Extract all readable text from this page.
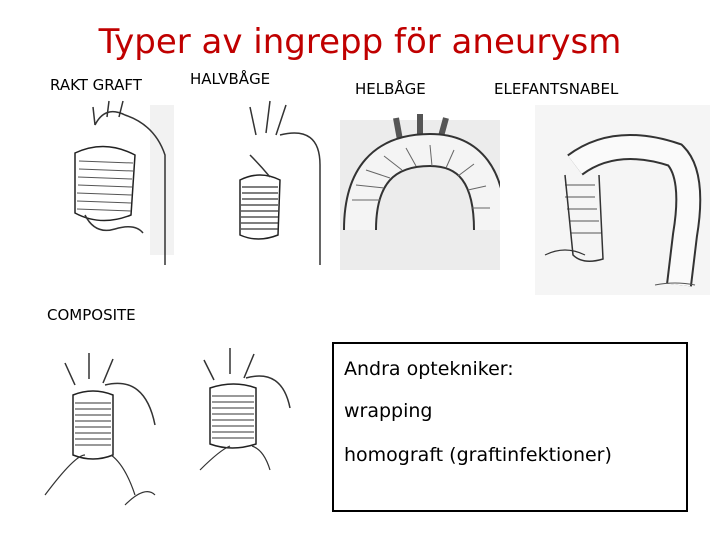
Typer av ingrepp för aneurysm
RAKT GRAFT	HALVBÅGE
HELBÅGE	ELEFANTSNABEL
COMPOSITE
Andra optekniker:
wrapping
homograft (graftinfektioner)
